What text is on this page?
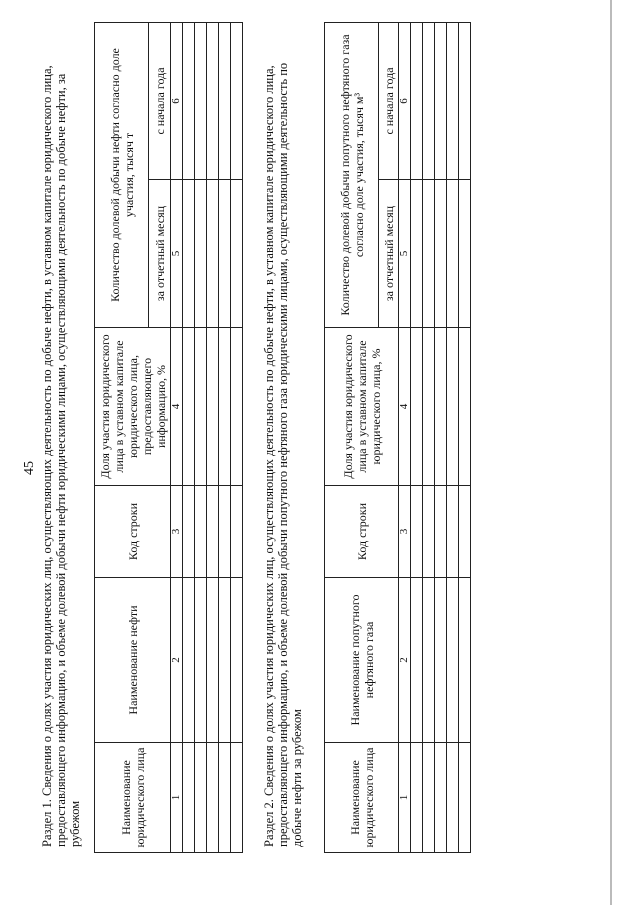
45 Раздел 1. Сведения о долях участия юридических лиц, осуществляющих деятельность по добыче нефти, в уставном капитале юридического лица, предоставляющего информацию, и объеме долевой добычи нефти юридическими лицами, осуществляющими деятельность по добыче нефти, за рубежом	Наименование юридического лица	Наименование нефти	Код строки	Доля участия юридического лица в уставном капитале юридического лица, предоставляющего информацию, %	Количество долевой добычи нефти согласно доле участия, тысяч т	
				за отчетный месяц	с начала года
1	2	3	4	5	6

						Раздел 2. Сведения о долях участия юридических лиц, осуществляющих деятельность по добыче нефти, в уставном капитале юридического лица, предоставляющего информацию, и объеме долевой добычи попутного нефтяного газа юридическими лицами, осуществляющими деятельность по добыче нефти за рубежом	Наименование юридического лица	Наименование попутного нефтяного газа	Код строки	Доля участия юридического лица в уставном капитале юридического лица, %	Количество долевой добычи попутного нефтяного газа согласно доле участия, тысяч м³	
				за отчетный месяц	с начала года
1	2	3	4	5	6
